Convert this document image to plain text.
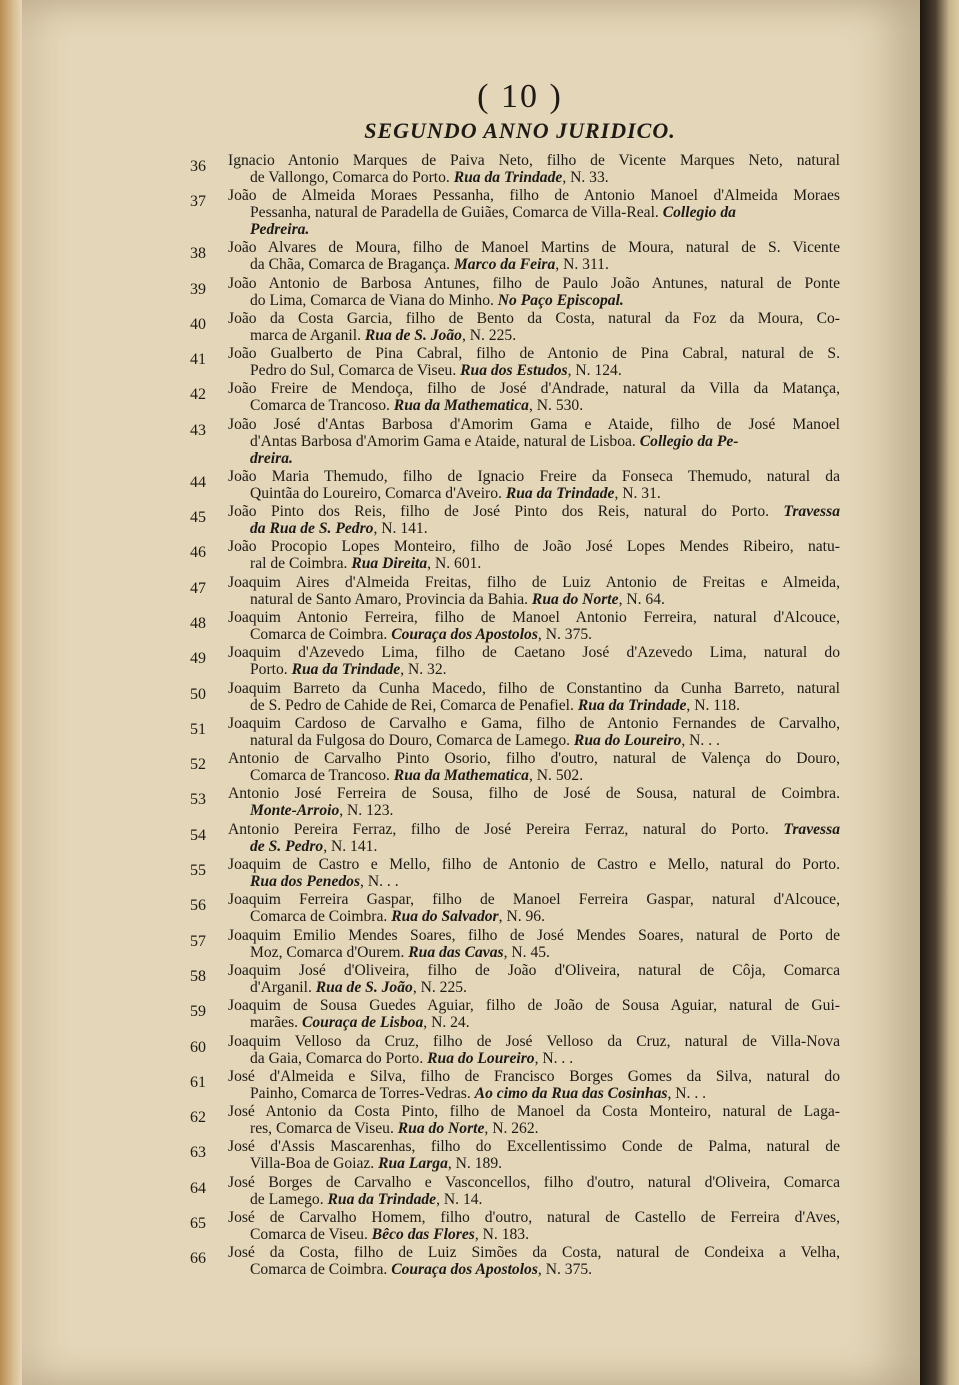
( 10 )
SEGUNDO ANNO JURIDICO.
36	Ignacio Antonio Marques de Paiva Neto, filho de Vicente Marques Neto, natural
de Vallongo, Comarca do Porto. Rua da Trindade, N. 33.
37	João de Almeida Moraes Pessanha, filho de Antonio Manoel d'Almeida Moraes
Pessanha, natural de Paradella de Guiães, Comarca de Villa-Real. Collegio da
Pedreira.
38	João Alvares de Moura, filho de Manoel Martins de Moura, natural de S. Vicente
da Chãa, Comarca de Bragança. Marco da Feira, N. 311.
39	João Antonio de Barbosa Antunes, filho de Paulo João Antunes, natural de Ponte
do Lima, Comarca de Viana do Minho. No Paço Episcopal.
40	João da Costa Garcia, filho de Bento da Costa, natural da Foz da Moura, Co-
marca de Arganil. Rua de S. João, N. 225.
41	João Gualberto de Pina Cabral, filho de Antonio de Pina Cabral, natural de S.
Pedro do Sul, Comarca de Viseu. Rua dos Estudos, N. 124.
42	João Freire de Mendoça, filho de José d'Andrade, natural da Villa da Matança,
Comarca de Trancoso. Rua da Mathematica, N. 530.
43	João José d'Antas Barbosa d'Amorim Gama e Ataide, filho de José Manoel
d'Antas Barbosa d'Amorim Gama e Ataide, natural de Lisboa. Collegio da Pe-
dreira.
44	João Maria Themudo, filho de Ignacio Freire da Fonseca Themudo, natural da
Quintãa do Loureiro, Comarca d'Aveiro. Rua da Trindade, N. 31.
45	João Pinto dos Reis, filho de José Pinto dos Reis, natural do Porto. Travessa
da Rua de S. Pedro, N. 141.
46	João Procopio Lopes Monteiro, filho de João José Lopes Mendes Ribeiro, natu-
ral de Coimbra. Rua Direita, N. 601.
47	Joaquim Aires d'Almeida Freitas, filho de Luiz Antonio de Freitas e Almeida,
natural de Santo Amaro, Provincia da Bahia. Rua do Norte, N. 64.
48	Joaquim Antonio Ferreira, filho de Manoel Antonio Ferreira, natural d'Alcouce,
Comarca de Coimbra. Couraça dos Apostolos, N. 375.
49	Joaquim d'Azevedo Lima, filho de Caetano José d'Azevedo Lima, natural do
Porto. Rua da Trindade, N. 32.
50	Joaquim Barreto da Cunha Macedo, filho de Constantino da Cunha Barreto, natural
de S. Pedro de Cahide de Rei, Comarca de Penafiel. Rua da Trindade, N. 118.
51	Joaquim Cardoso de Carvalho e Gama, filho de Antonio Fernandes de Carvalho,
natural da Fulgosa do Douro, Comarca de Lamego. Rua do Loureiro, N. . .
52	Antonio de Carvalho Pinto Osorio, filho d'outro, natural de Valença do Douro,
Comarca de Trancoso. Rua da Mathematica, N. 502.
53	Antonio José Ferreira de Sousa, filho de José de Sousa, natural de Coimbra.
Monte-Arroio, N. 123.
54	Antonio Pereira Ferraz, filho de José Pereira Ferraz, natural do Porto. Travessa
de S. Pedro, N. 141.
55	Joaquim de Castro e Mello, filho de Antonio de Castro e Mello, natural do Porto.
Rua dos Penedos, N. . .
56	Joaquim Ferreira Gaspar, filho de Manoel Ferreira Gaspar, natural d'Alcouce,
Comarca de Coimbra. Rua do Salvador, N. 96.
57	Joaquim Emilio Mendes Soares, filho de José Mendes Soares, natural de Porto de
Moz, Comarca d'Ourem. Rua das Cavas, N. 45.
58	Joaquim José d'Oliveira, filho de João d'Oliveira, natural de Côja, Comarca
d'Arganil. Rua de S. João, N. 225.
59	Joaquim de Sousa Guedes Aguiar, filho de João de Sousa Aguiar, natural de Gui-
marães. Couraça de Lisboa, N. 24.
60	Joaquim Velloso da Cruz, filho de José Velloso da Cruz, natural de Villa-Nova
da Gaia, Comarca do Porto. Rua do Loureiro, N. . .
61	José d'Almeida e Silva, filho de Francisco Borges Gomes da Silva, natural do
Painho, Comarca de Torres-Vedras. Ao cimo da Rua das Cosinhas, N. . .
62	José Antonio da Costa Pinto, filho de Manoel da Costa Monteiro, natural de Laga-
res, Comarca de Viseu. Rua do Norte, N. 262.
63	José d'Assis Mascarenhas, filho do Excellentissimo Conde de Palma, natural de
Villa-Boa de Goiaz. Rua Larga, N. 189.
64	José Borges de Carvalho e Vasconcellos, filho d'outro, natural d'Oliveira, Comarca
de Lamego. Rua da Trindade, N. 14.
65	José de Carvalho Homem, filho d'outro, natural de Castello de Ferreira d'Aves,
Comarca de Viseu. Bêco das Flores, N. 183.
66	José da Costa, filho de Luiz Simões da Costa, natural de Condeixa a Velha,
Comarca de Coimbra. Couraça dos Apostolos, N. 375.
